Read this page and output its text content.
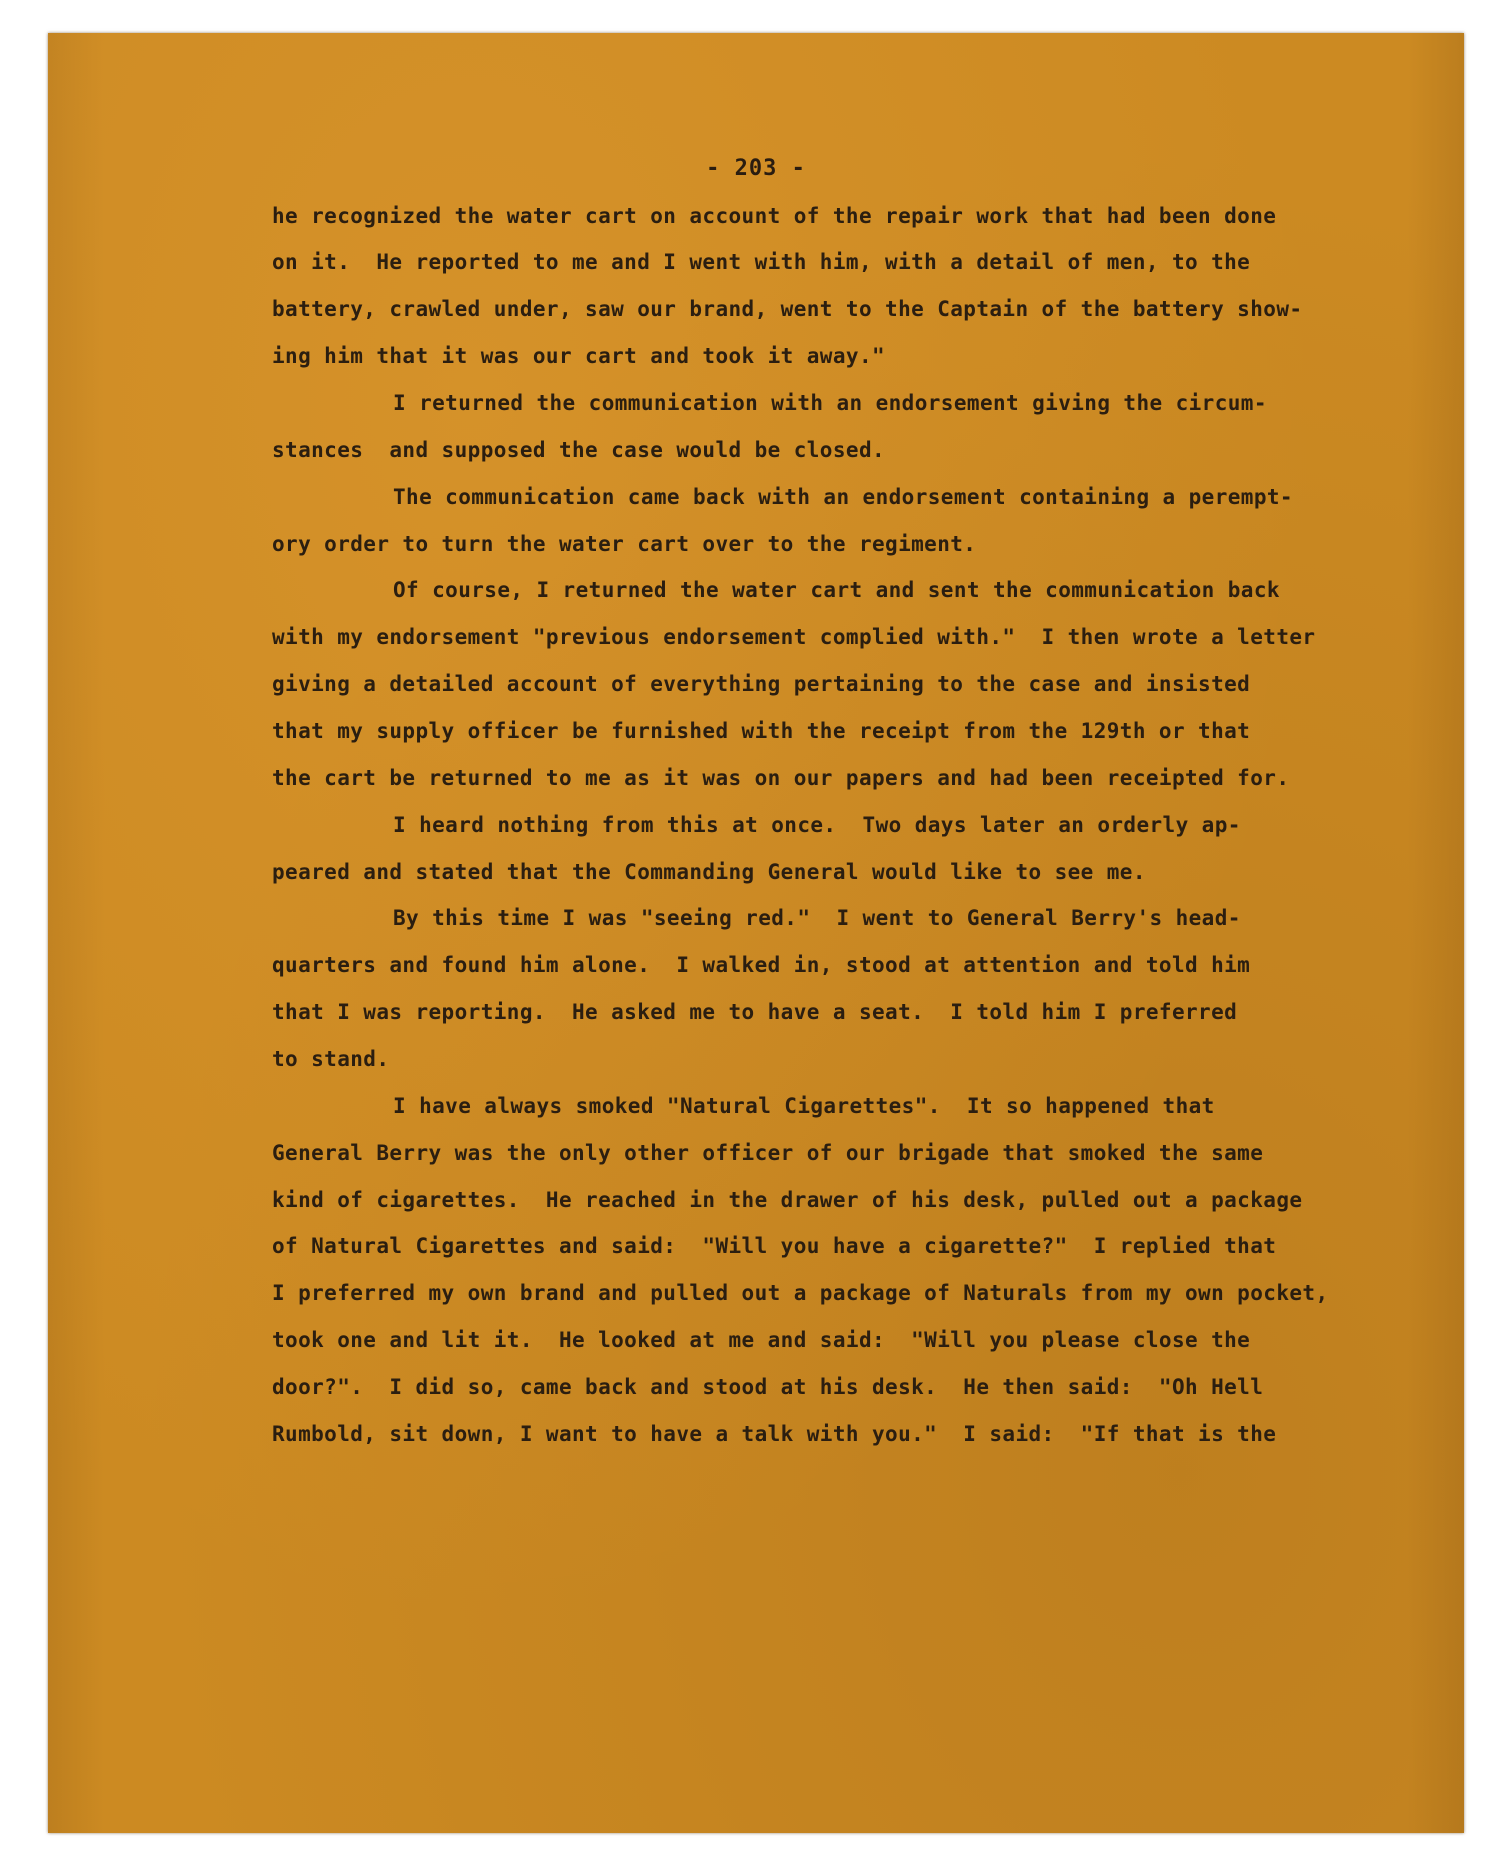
- 203 -
he recognized the water cart on account of the repair work that had been done
on it.  He reported to me and I went with him, with a detail of men, to the
battery, crawled under, saw our brand, went to the Captain of the battery show-
ing him that it was our cart and took it away."
I returned the communication with an endorsement giving the circum-
stances  and supposed the case would be closed.
The communication came back with an endorsement containing a perempt-
ory order to turn the water cart over to the regiment.
Of course, I returned the water cart and sent the communication back
with my endorsement "previous endorsement complied with."  I then wrote a letter
giving a detailed account of everything pertaining to the case and insisted
that my supply officer be furnished with the receipt from the 129th or that
the cart be returned to me as it was on our papers and had been receipted for.
I heard nothing from this at once.  Two days later an orderly ap-
peared and stated that the Commanding General would like to see me.
By this time I was "seeing red."  I went to General Berry's head-
quarters and found him alone.  I walked in, stood at attention and told him
that I was reporting.  He asked me to have a seat.  I told him I preferred
to stand.
I have always smoked "Natural Cigarettes".  It so happened that
General Berry was the only other officer of our brigade that smoked the same
kind of cigarettes.  He reached in the drawer of his desk, pulled out a package
of Natural Cigarettes and said:  "Will you have a cigarette?"  I replied that
I preferred my own brand and pulled out a package of Naturals from my own pocket,
took one and lit it.  He looked at me and said:  "Will you please close the
door?".  I did so, came back and stood at his desk.  He then said:  "Oh Hell
Rumbold, sit down, I want to have a talk with you."  I said:  "If that is the
